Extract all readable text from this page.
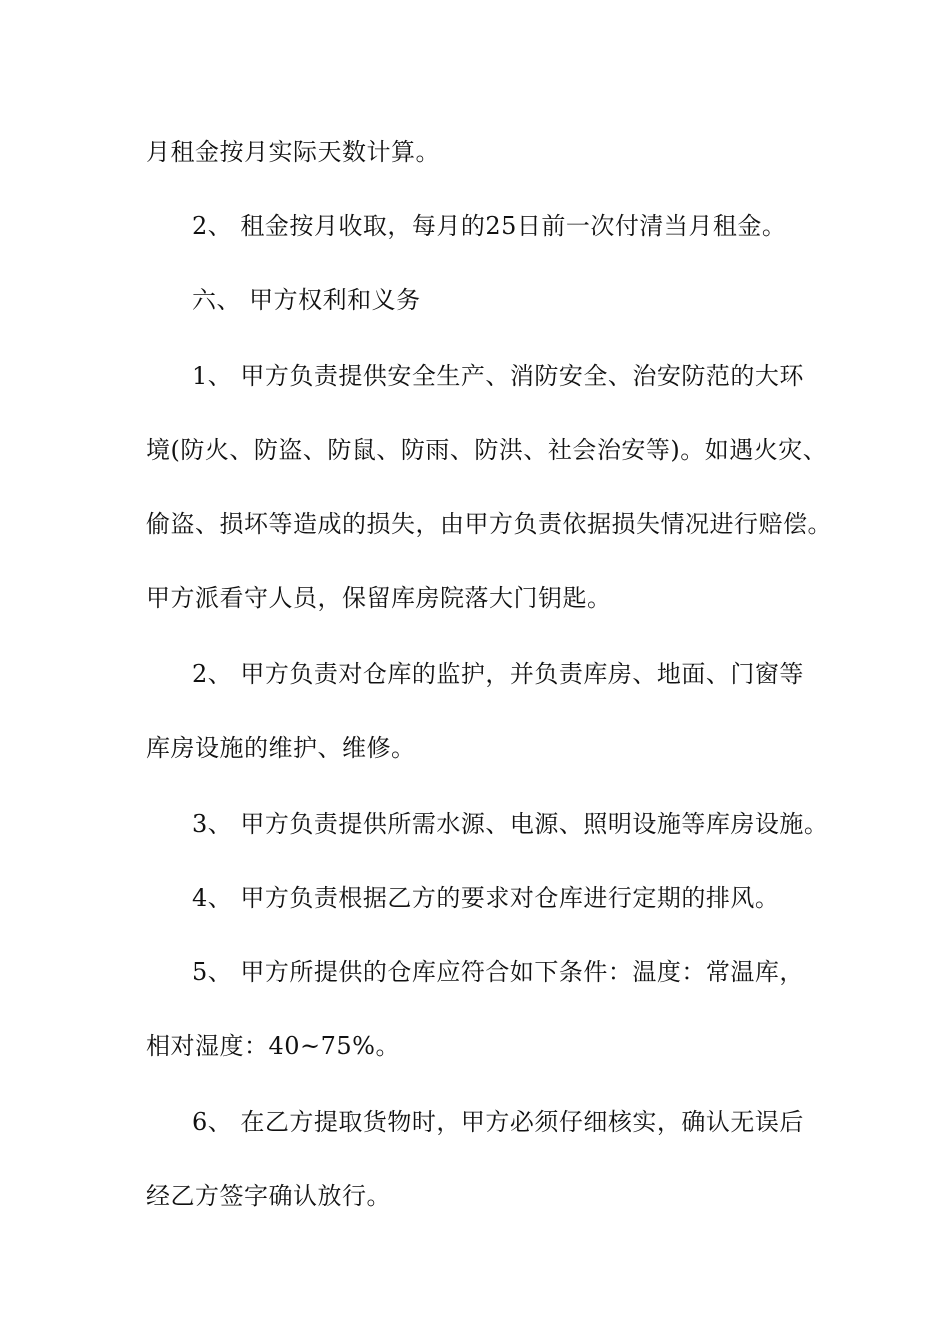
月租金按月实际天数计算。
2、 租金按月收取，每月的25日前一次付清当月租金。
六、 甲方权利和义务
1、 甲方负责提供安全生产、消防安全、治安防范的大环
境(防火、防盗、防鼠、防雨、防洪、社会治安等)。如遇火灾、
偷盗、损坏等造成的损失，由甲方负责依据损失情况进行赔偿。
甲方派看守人员，保留库房院落大门钥匙。
2、 甲方负责对仓库的监护，并负责库房、地面、门窗等
库房设施的维护、维修。
3、 甲方负责提供所需水源、电源、照明设施等库房设施。
4、 甲方负责根据乙方的要求对仓库进行定期的排风。
5、 甲方所提供的仓库应符合如下条件：温度：常温库，
相对湿度：40~75%。
6、 在乙方提取货物时，甲方必须仔细核实，确认无误后
经乙方签字确认放行。
